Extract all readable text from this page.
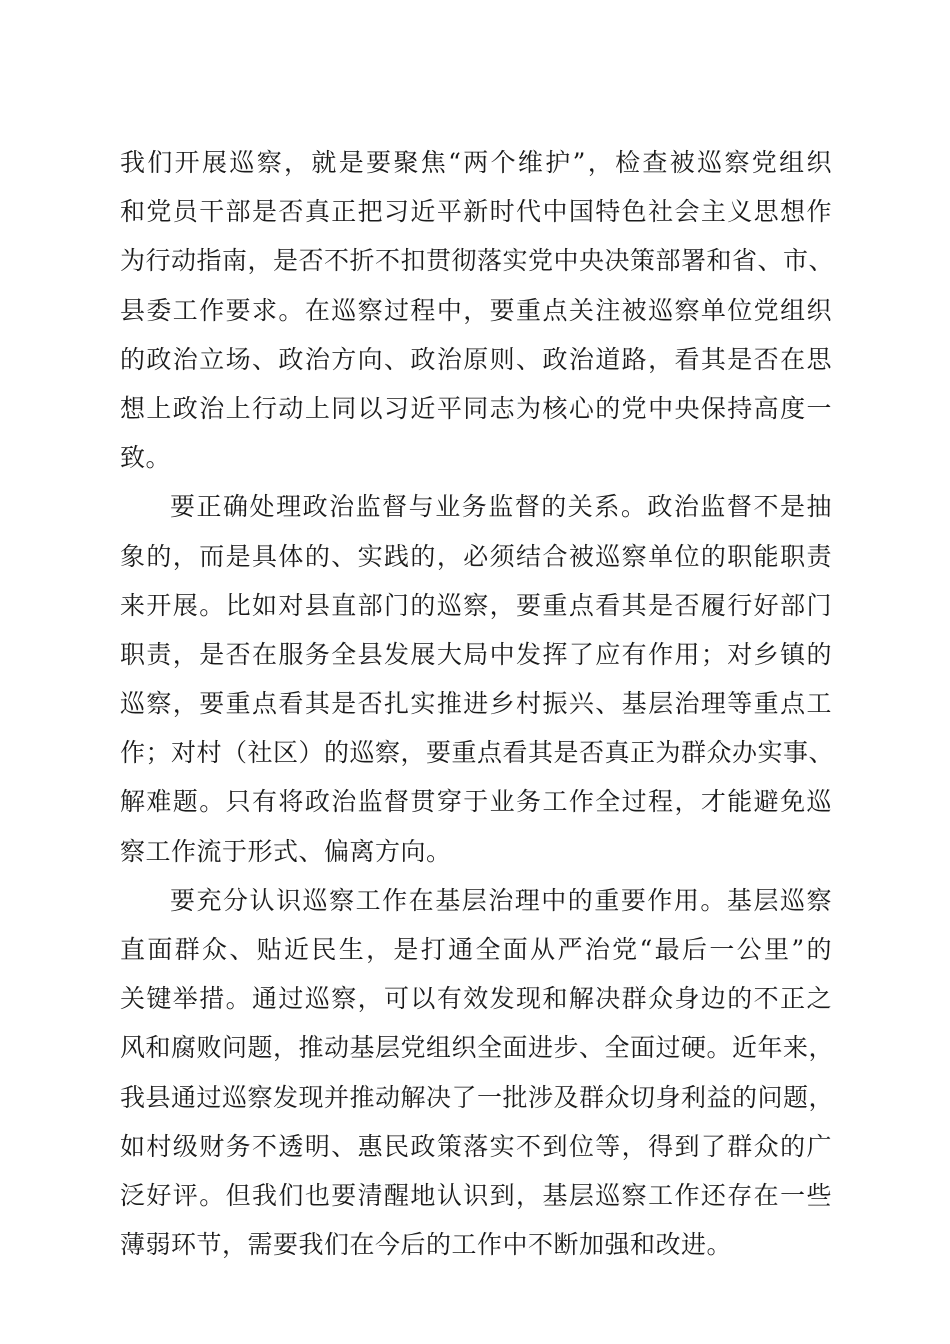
我们开展巡察，就是要聚焦“两个维护”，检查被巡察党组织
和党员干部是否真正把习近平新时代中国特色社会主义思想作
为行动指南，是否不折不扣贯彻落实党中央决策部署和省、市、
县委工作要求。在巡察过程中，要重点关注被巡察单位党组织
的政治立场、政治方向、政治原则、政治道路，看其是否在思
想上政治上行动上同以习近平同志为核心的党中央保持高度一
致。
要正确处理政治监督与业务监督的关系。政治监督不是抽
象的，而是具体的、实践的，必须结合被巡察单位的职能职责
来开展。比如对县直部门的巡察，要重点看其是否履行好部门
职责，是否在服务全县发展大局中发挥了应有作用；对乡镇的
巡察，要重点看其是否扎实推进乡村振兴、基层治理等重点工
作；对村（社区）的巡察，要重点看其是否真正为群众办实事、
解难题。只有将政治监督贯穿于业务工作全过程，才能避免巡
察工作流于形式、偏离方向。
要充分认识巡察工作在基层治理中的重要作用。基层巡察
直面群众、贴近民生，是打通全面从严治党“最后一公里”的
关键举措。通过巡察，可以有效发现和解决群众身边的不正之
风和腐败问题，推动基层党组织全面进步、全面过硬。近年来，
我县通过巡察发现并推动解决了一批涉及群众切身利益的问题，
如村级财务不透明、惠民政策落实不到位等，得到了群众的广
泛好评。但我们也要清醒地认识到，基层巡察工作还存在一些
薄弱环节，需要我们在今后的工作中不断加强和改进。
